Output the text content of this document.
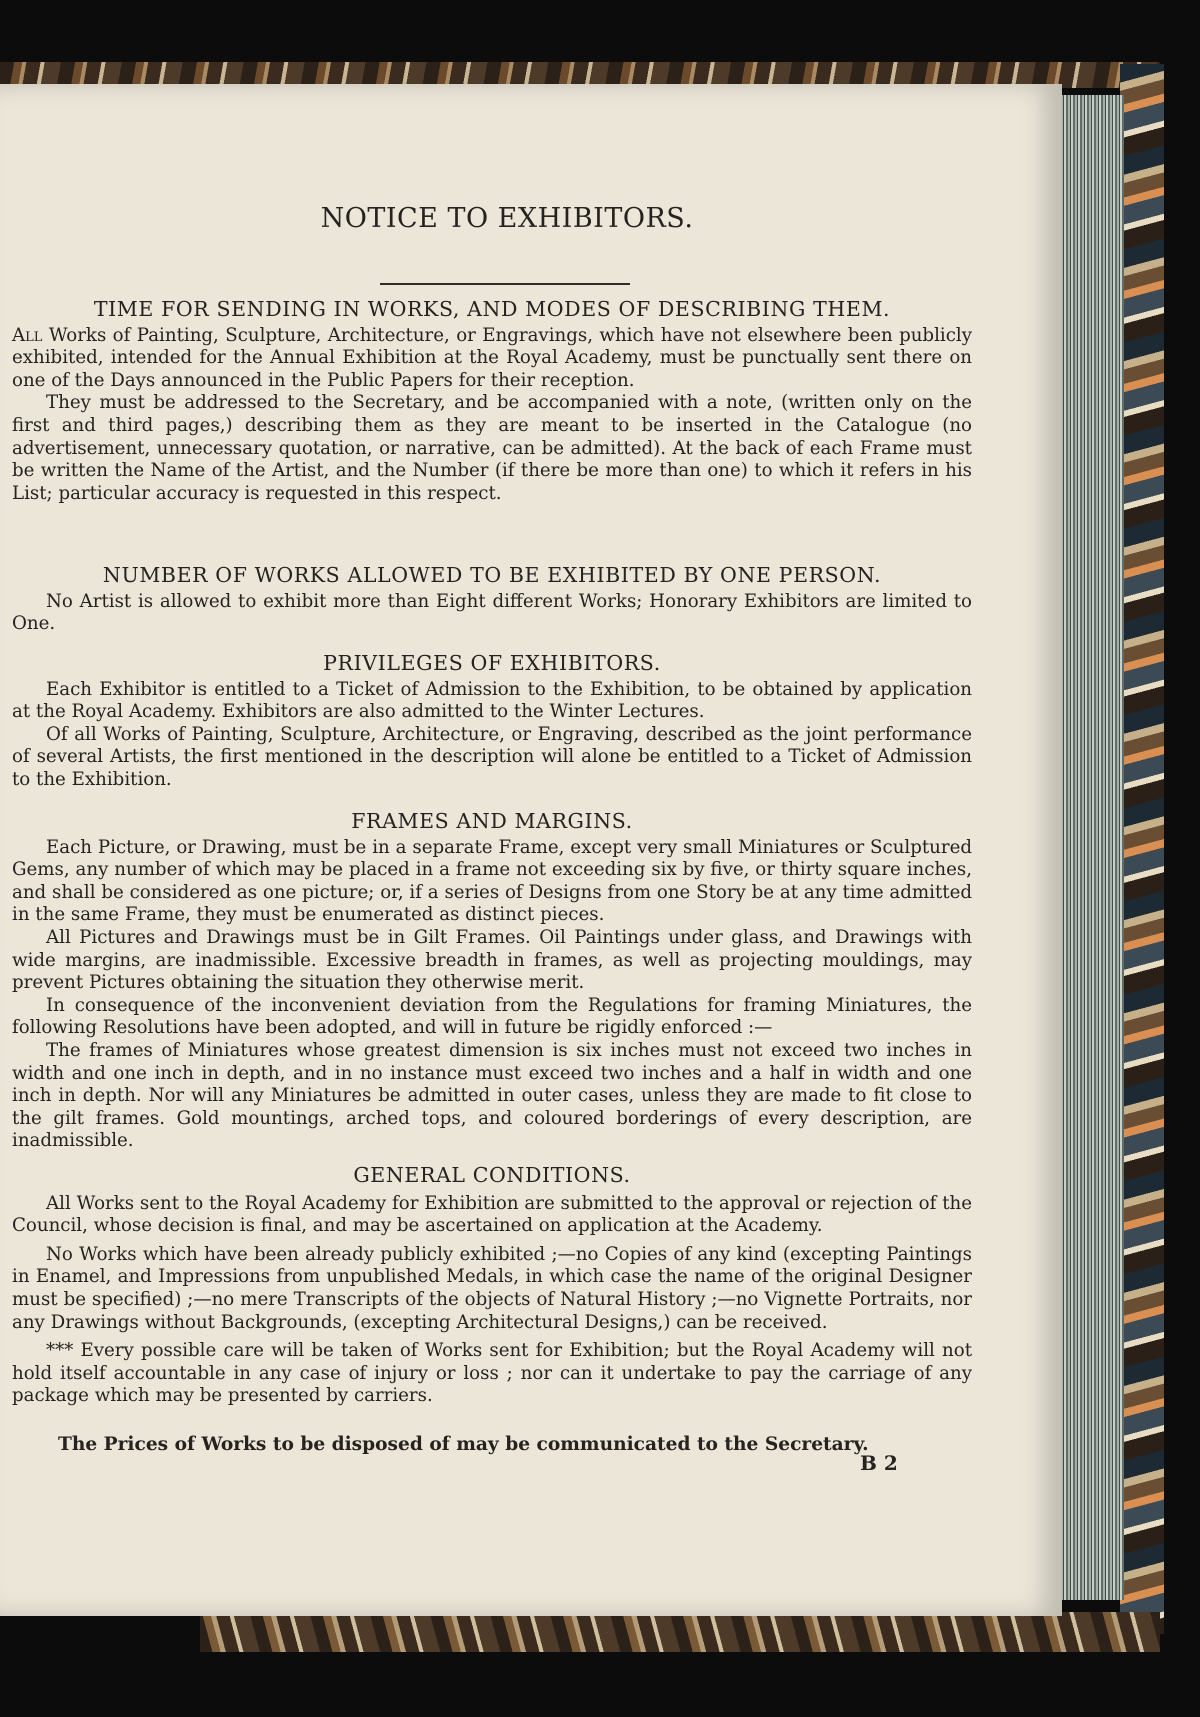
NOTICE TO EXHIBITORS.
TIME FOR SENDING IN WORKS, AND MODES OF DESCRIBING THEM.

All Works of Painting, Sculpture, Architecture, or Engravings, which have not elsewhere been publicly exhibited, intended for the Annual Exhibition at the Royal Academy, must be punctually sent there on one of the Days announced in the Public Papers for their reception.

They must be addressed to the Secretary, and be accompanied with a note, (written only on the first and third pages,) describing them as they are meant to be inserted in the Catalogue (no advertisement, unnecessary quotation, or narrative, can be admitted). At the back of each Frame must be written the Name of the Artist, and the Number (if there be more than one) to which it refers in his List; particular accuracy is requested in this respect.

NUMBER OF WORKS ALLOWED TO BE EXHIBITED BY ONE PERSON.

No Artist is allowed to exhibit more than Eight different Works; Honorary Exhibitors are limited to One.

PRIVILEGES OF EXHIBITORS.

Each Exhibitor is entitled to a Ticket of Admission to the Exhibition, to be obtained by application at the Royal Academy. Exhibitors are also admitted to the Winter Lectures.

Of all Works of Painting, Sculpture, Architecture, or Engraving, described as the joint performance of several Artists, the first mentioned in the description will alone be entitled to a Ticket of Admission to the Exhibition.

FRAMES AND MARGINS.

Each Picture, or Drawing, must be in a separate Frame, except very small Miniatures or Sculptured Gems, any number of which may be placed in a frame not exceeding six by five, or thirty square inches, and shall be considered as one picture; or, if a series of Designs from one Story be at any time admitted in the same Frame, they must be enumerated as distinct pieces.

All Pictures and Drawings must be in Gilt Frames. Oil Paintings under glass, and Drawings with wide margins, are inadmissible. Excessive breadth in frames, as well as projecting mouldings, may prevent Pictures obtaining the situation they otherwise merit.

In consequence of the inconvenient deviation from the Regulations for framing Miniatures, the following Resolutions have been adopted, and will in future be rigidly enforced :—

The frames of Miniatures whose greatest dimension is six inches must not exceed two inches in width and one inch in depth, and in no instance must exceed two inches and a half in width and one inch in depth. Nor will any Miniatures be admitted in outer cases, unless they are made to fit close to the gilt frames. Gold mountings, arched tops, and coloured borderings of every description, are inadmissible.

GENERAL CONDITIONS.

All Works sent to the Royal Academy for Exhibition are submitted to the approval or rejection of the Council, whose decision is final, and may be ascertained on application at the Academy.

No Works which have been already publicly exhibited ;—no Copies of any kind (excepting Paintings in Enamel, and Impressions from unpublished Medals, in which case the name of the original Designer must be specified) ;—no mere Transcripts of the objects of Natural History ;—no Vignette Portraits, nor any Drawings without Backgrounds, (excepting Architectural Designs,) can be received.

*** Every possible care will be taken of Works sent for Exhibition; but the Royal Academy will not hold itself accountable in any case of injury or loss ; nor can it undertake to pay the carriage of any package which may be presented by carriers.

The Prices of Works to be disposed of may be communicated to the Secretary.

B 2
